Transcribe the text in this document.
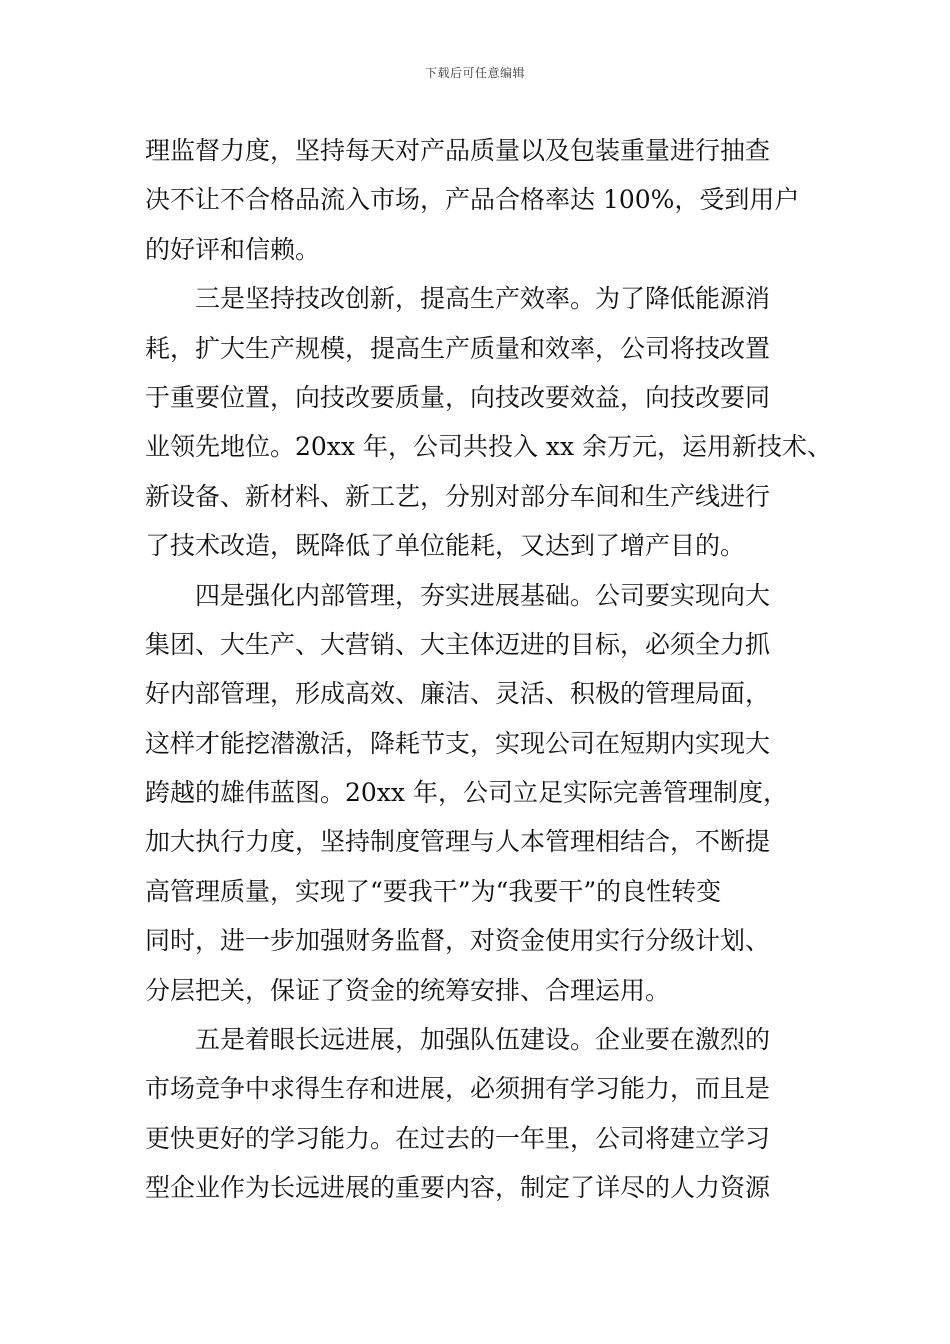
下载后可任意编辑
理监督力度，坚持每天对产品质量以及包装重量进行抽查
决不让不合格品流入市场，产品合格率达 100%，受到用户
的好评和信赖。
　　三是坚持技改创新，提高生产效率。为了降低能源消
耗，扩大生产规模，提高生产质量和效率，公司将技改置
于重要位置，向技改要质量，向技改要效益，向技改要同
业领先地位。20xx 年，公司共投入 xx 余万元，运用新技术、
新设备、新材料、新工艺，分别对部分车间和生产线进行
了技术改造，既降低了单位能耗，又达到了增产目的。
　　四是强化内部管理，夯实进展基础。公司要实现向大
集团、大生产、大营销、大主体迈进的目标，必须全力抓
好内部管理，形成高效、廉洁、灵活、积极的管理局面，
这样才能挖潜激活，降耗节支，实现公司在短期内实现大
跨越的雄伟蓝图。20xx 年，公司立足实际完善管理制度，
加大执行力度，坚持制度管理与人本管理相结合，不断提
高管理质量，实现了“要我干”为“我要干”的良性转变
同时，进一步加强财务监督，对资金使用实行分级计划、
分层把关，保证了资金的统筹安排、合理运用。
　　五是着眼长远进展，加强队伍建设。企业要在激烈的
市场竞争中求得生存和进展，必须拥有学习能力，而且是
更快更好的学习能力。在过去的一年里，公司将建立学习
型企业作为长远进展的重要内容，制定了详尽的人力资源
